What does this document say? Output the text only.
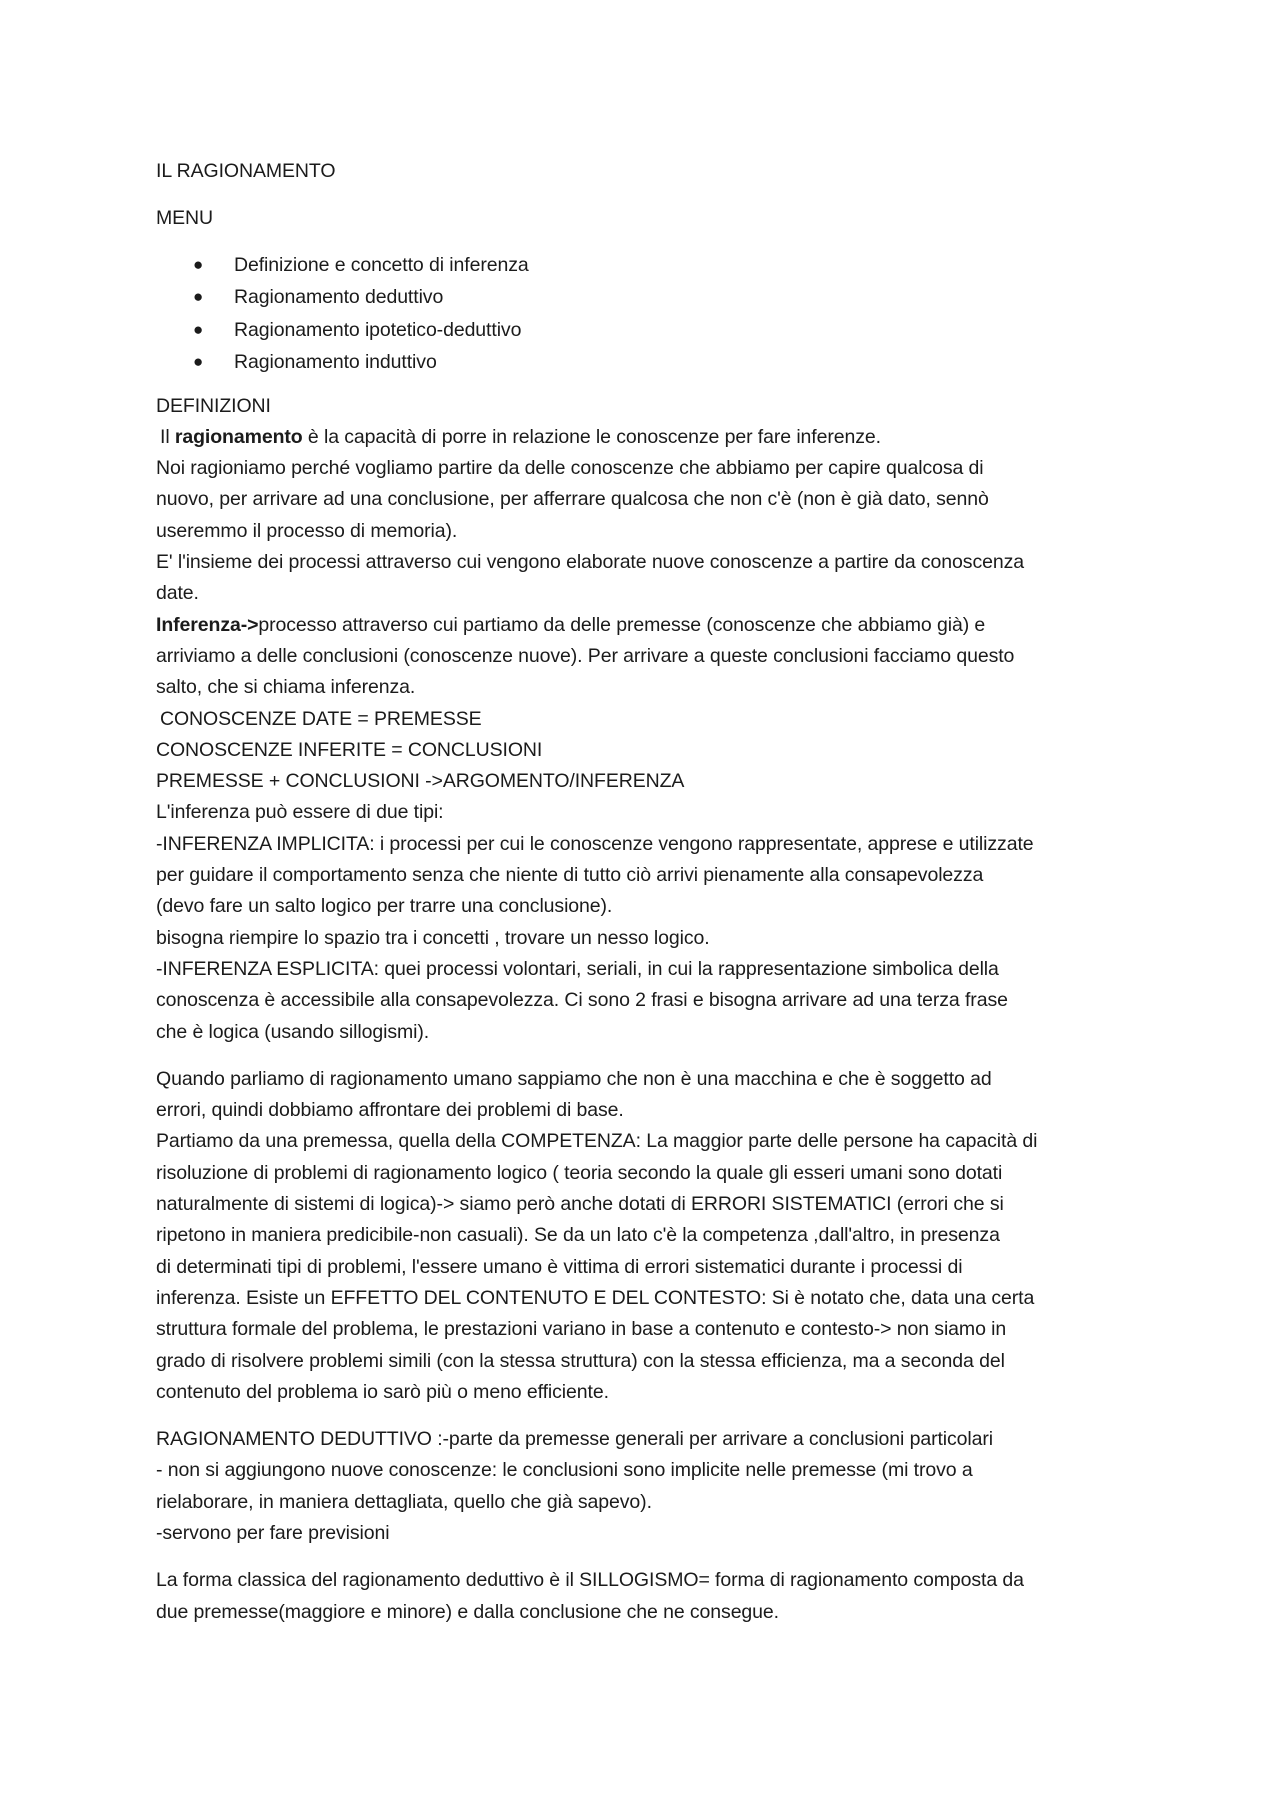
IL RAGIONAMENTO

MENU

● Definizione e concetto di inferenza
● Ragionamento deduttivo
● Ragionamento ipotetico-deduttivo
● Ragionamento induttivo

DEFINIZIONI

Il ragionamento è la capacità di porre in relazione le conoscenze per fare inferenze.

Noi ragioniamo perché vogliamo partire da delle conoscenze che abbiamo per capire qualcosa di

nuovo, per arrivare ad una conclusione, per afferrare qualcosa che non c'è (non è già dato, sennò

useremmo il processo di memoria).

E' l'insieme dei processi attraverso cui vengono elaborate nuove conoscenze a partire da conoscenza

date.

Inferenza->processo attraverso cui partiamo da delle premesse (conoscenze che abbiamo già) e

arriviamo a delle conclusioni (conoscenze nuove). Per arrivare a queste conclusioni facciamo questo

salto, che si chiama inferenza.

CONOSCENZE DATE = PREMESSE

CONOSCENZE INFERITE = CONCLUSIONI

PREMESSE + CONCLUSIONI ->ARGOMENTO/INFERENZA

L'inferenza può essere di due tipi:

-INFERENZA IMPLICITA: i processi per cui le conoscenze vengono rappresentate, apprese e utilizzate

per guidare il comportamento senza che niente di tutto ciò arrivi pienamente alla consapevolezza

(devo fare un salto logico per trarre una conclusione).

bisogna riempire lo spazio tra i concetti , trovare un nesso logico.

-INFERENZA ESPLICITA: quei processi volontari, seriali, in cui la rappresentazione simbolica della

conoscenza è accessibile alla consapevolezza. Ci sono 2 frasi e bisogna arrivare ad una terza frase

che è logica (usando sillogismi).

Quando parliamo di ragionamento umano sappiamo che non è una macchina e che è soggetto ad

errori, quindi dobbiamo affrontare dei problemi di base.

Partiamo da una premessa, quella della COMPETENZA: La maggior parte delle persone ha capacità di

risoluzione di problemi di ragionamento logico ( teoria secondo la quale gli esseri umani sono dotati

naturalmente di sistemi di logica)-> siamo però anche dotati di ERRORI SISTEMATICI (errori che si

ripetono in maniera predicibile-non casuali). Se da un lato c'è la competenza ,dall'altro, in presenza

di determinati tipi di problemi, l'essere umano è vittima di errori sistematici durante i processi di

inferenza. Esiste un EFFETTO DEL CONTENUTO E DEL CONTESTO: Si è notato che, data una certa

struttura formale del problema, le prestazioni variano in base a contenuto e contesto-> non siamo in

grado di risolvere problemi simili (con la stessa struttura) con la stessa efficienza, ma a seconda del

contenuto del problema io sarò più o meno efficiente.

RAGIONAMENTO DEDUTTIVO :-parte da premesse generali per arrivare a conclusioni particolari

- non si aggiungono nuove conoscenze: le conclusioni sono implicite nelle premesse (mi trovo a

rielaborare, in maniera dettagliata, quello che già sapevo).

-servono per fare previsioni

La forma classica del ragionamento deduttivo è il SILLOGISMO= forma di ragionamento composta da

due premesse(maggiore e minore) e dalla conclusione che ne consegue.
